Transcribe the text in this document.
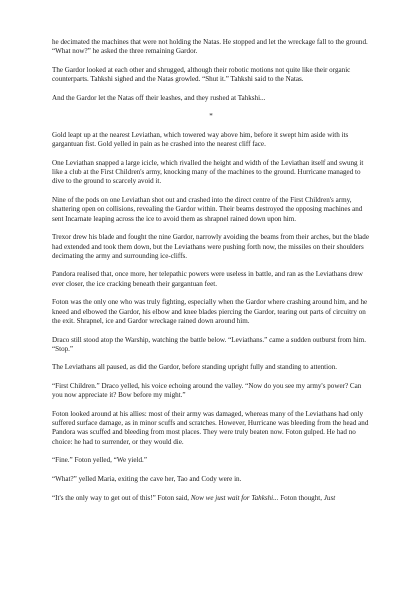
he decimated the machines that were not holding the Natas. He stopped and let the wreckage fall to the ground. “What now?” he asked the three remaining Gardor.

The Gardor looked at each other and shrugged, although their robotic motions not quite like their organic counterparts. Tahkshi sighed and the Natas growled. “Shut it.” Tahkshi said to the Natas.

And the Gardor let the Natas off their leashes, and they rushed at Tahkshi...

*

Gold leapt up at the nearest Leviathan, which towered way above him, before it swept him aside with its gargantuan fist. Gold yelled in pain as he crashed into the nearest cliff face.

One Leviathan snapped a large icicle, which rivalled the height and width of the Leviathan itself and swung it like a club at the First Children's army, knocking many of the machines to the ground. Hurricane managed to dive to the ground to scarcely avoid it.

Nine of the pods on one Leviathan shot out and crashed into the direct centre of the First Children's army, shattering open on collisions, revealing the Gardor within. Their beams destroyed the opposing machines and sent Incarnate leaping across the ice to avoid them as shrapnel rained down upon him.

Trexor drew his blade and fought the nine Gardor, narrowly avoiding the beams from their arches, but the blade had extended and took them down, but the Leviathans were pushing forth now, the missiles on their shoulders decimating the army and surrounding ice-cliffs.

Pandora realised that, once more, her telepathic powers were useless in battle, and ran as the Leviathans drew ever closer, the ice cracking beneath their gargantuan feet.

Foton was the only one who was truly fighting, especially when the Gardor where crashing around him, and he kneed and elbowed the Gardor, his elbow and knee blades piercing the Gardor, tearing out parts of circuitry on the exit. Shrapnel, ice and Gardor wreckage rained down around him.

Draco still stood atop the Warship, watching the battle below. “Leviathans.” came a sudden outburst from him. “Stop.”

The Leviathans all paused, as did the Gardor, before standing upright fully and standing to attention.

“First Children.” Draco yelled, his voice echoing around the valley. “Now do you see my army's power? Can you now appreciate it? Bow before my might.”

Foton looked around at his allies: most of their army was damaged, whereas many of the Leviathans had only suffered surface damage, as in minor scuffs and scratches. However, Hurricane was bleeding from the head and Pandora was scuffed and bleeding from most places. They were truly beaten now. Foton gulped. He had no choice: he had to surrender, or they would die.

“Fine.” Foton yelled, “We yield.”

“What?” yelled Maria, exiting the cave her, Tao and Cody were in.

“It's the only way to get out of this!” Foton said, Now we just wait for Tahkshi... Foton thought, Just
